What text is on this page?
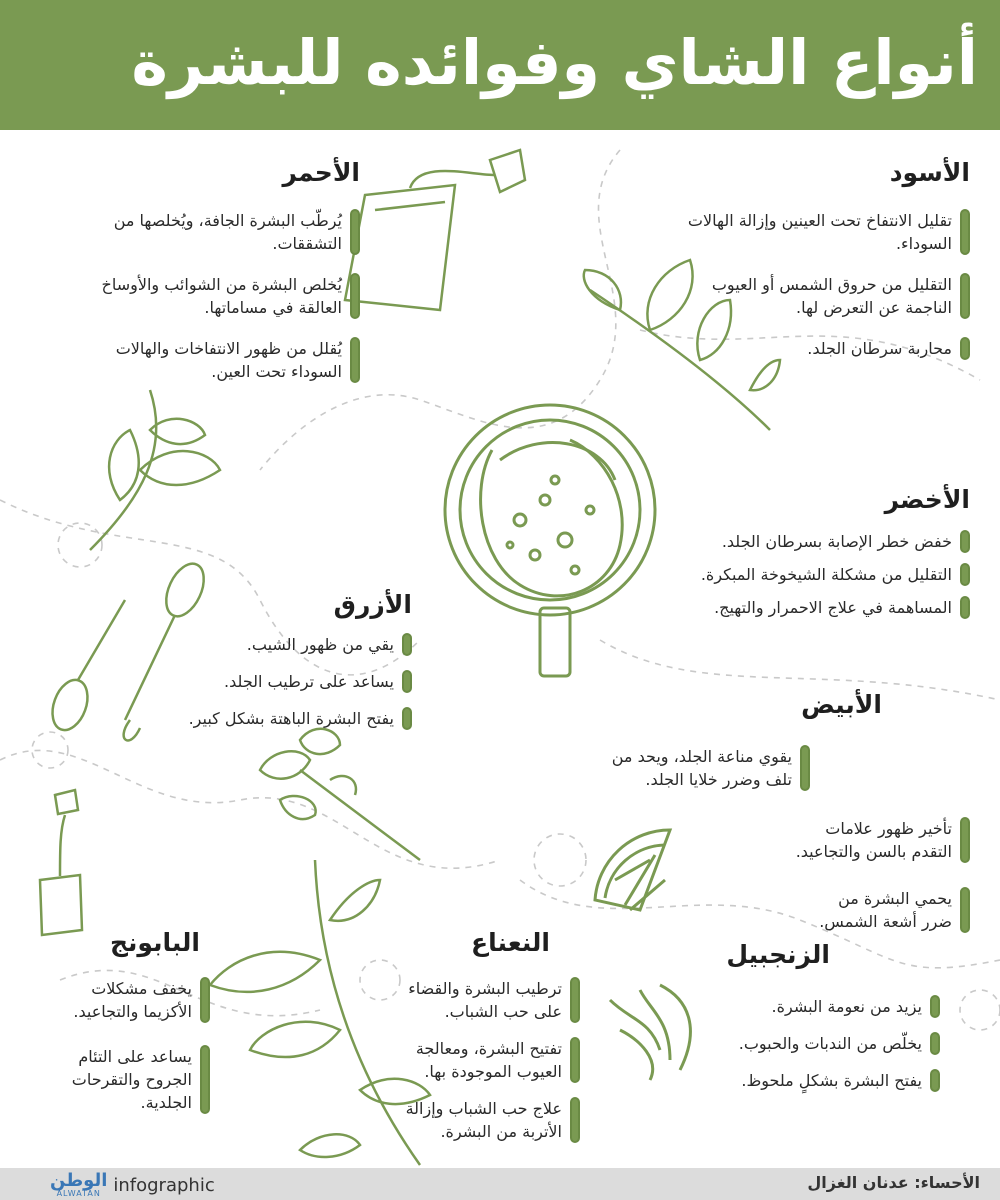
أنواع الشاي وفوائده للبشرة
الأسود

تقليل الانتفاخ تحت العينين وإزالة الهالات السوداء.

التقليل من حروق الشمس أو العيوب الناجمة عن التعرض لها.

محاربة سرطان الجلد.

الأحمر

يُرطّب البشرة الجافة، ويُخلصها من التشققات.

يُخلص البشرة من الشوائب والأوساخ العالقة في مساماتها.

يُقلل من ظهور الانتفاخات والهالات السوداء تحت العين.

الأخضر

خفض خطر الإصابة بسرطان الجلد.

التقليل من مشكلة الشيخوخة المبكرة.

المساهمة في علاج الاحمرار والتهيج.

الأزرق

يقي من ظهور الشيب.

يساعد على ترطيب الجلد.

يفتح البشرة الباهتة بشكل كبير.	الأبيض

يقوي مناعة الجلد، ويحد من تلف وضرر خلايا الجلد.

تأخير ظهور علامات التقدم بالسن والتجاعيد.

يحمي البشرة من ضرر أشعة الشمس.

الزنجبيل

يزيد من نعومة البشرة.

يخلّص من الندبات والحبوب.

يفتح البشرة بشكلٍ ملحوظ.

النعناع

ترطيب البشرة والقضاء على حب الشباب.

تفتيح البشرة، ومعالجة العيوب الموجودة بها.

علاج حب الشباب وإزالة الأتربة من البشرة.

البابونج

يخفف مشكلات الأكزيما والتجاعيد.

يساعد على التئام الجروح والتقرحات الجلدية.

الأحساء: عدنان الغزال
الوطن
ALWATAN infographic
